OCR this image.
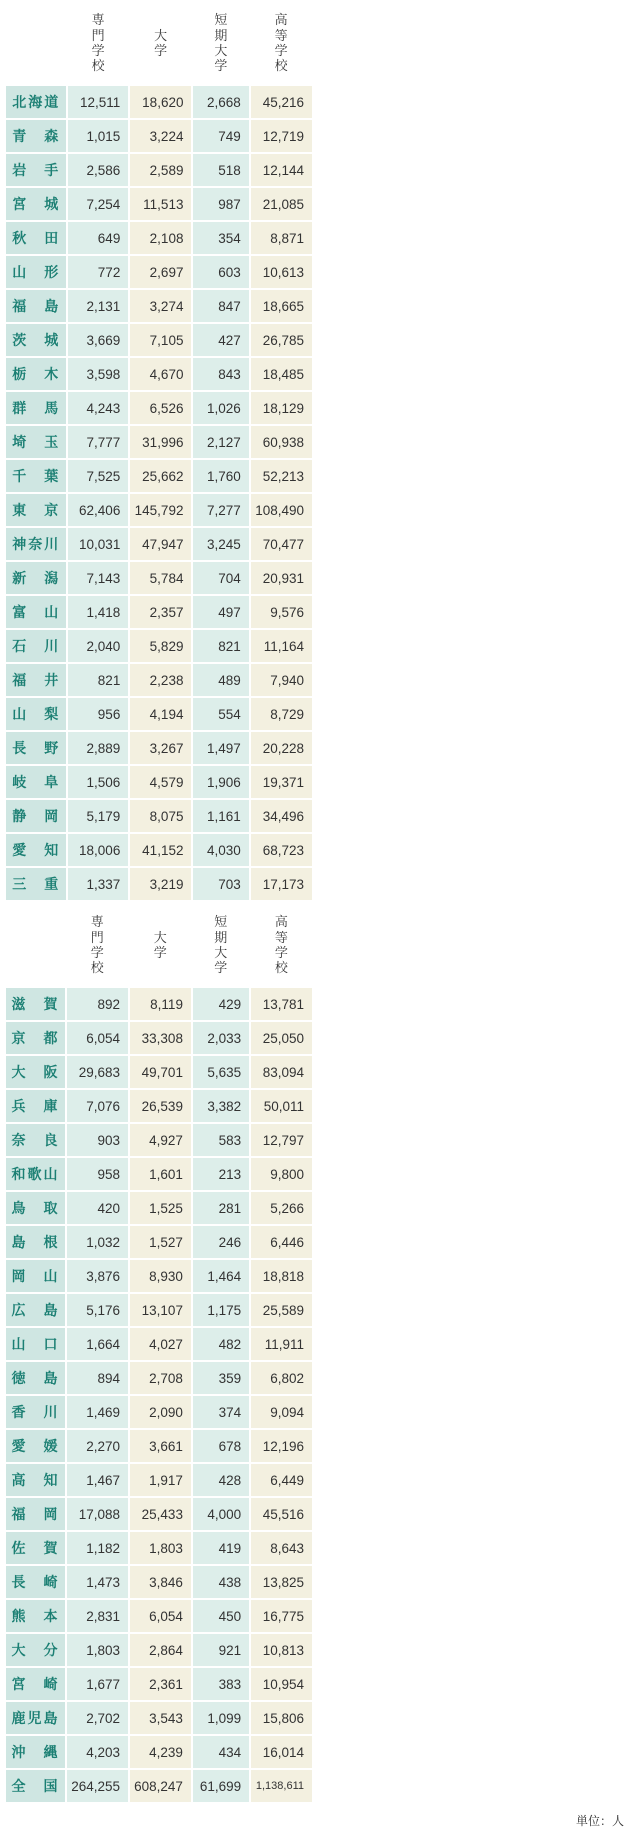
	専門学校	大学	短期大学	高等学校
北海道	12,511	18,620	2,668	45,216
青　森	1,015	3,224	749	12,719
岩　手	2,586	2,589	518	12,144
宮　城	7,254	11,513	987	21,085
秋　田	649	2,108	354	8,871
山　形	772	2,697	603	10,613
福　島	2,131	3,274	847	18,665
茨　城	3,669	7,105	427	26,785
栃　木	3,598	4,670	843	18,485
群　馬	4,243	6,526	1,026	18,129
埼　玉	7,777	31,996	2,127	60,938
千　葉	7,525	25,662	1,760	52,213
東　京	62,406	145,792	7,277	108,490
神奈川	10,031	47,947	3,245	70,477
新　潟	7,143	5,784	704	20,931
富　山	1,418	2,357	497	9,576
石　川	2,040	5,829	821	11,164
福　井	821	2,238	489	7,940
山　梨	956	4,194	554	8,729
長　野	2,889	3,267	1,497	20,228
岐　阜	1,506	4,579	1,906	19,371
静　岡	5,179	8,075	1,161	34,496
愛　知	18,006	41,152	4,030	68,723
三　重	1,337	3,219	703	17,173

	専門学校	大学	短期大学	高等学校
滋　賀	892	8,119	429	13,781
京　都	6,054	33,308	2,033	25,050
大　阪	29,683	49,701	5,635	83,094
兵　庫	7,076	26,539	3,382	50,011
奈　良	903	4,927	583	12,797
和歌山	958	1,601	213	9,800
鳥　取	420	1,525	281	5,266
島　根	1,032	1,527	246	6,446
岡　山	3,876	8,930	1,464	18,818
広　島	5,176	13,107	1,175	25,589
山　口	1,664	4,027	482	11,911
徳　島	894	2,708	359	6,802
香　川	1,469	2,090	374	9,094
愛　媛	2,270	3,661	678	12,196
高　知	1,467	1,917	428	6,449
福　岡	17,088	25,433	4,000	45,516
佐　賀	1,182	1,803	419	8,643
長　崎	1,473	3,846	438	13,825
熊　本	2,831	6,054	450	16,775
大　分	1,803	2,864	921	10,813
宮　崎	1,677	2,361	383	10,954
鹿児島	2,702	3,543	1,099	15,806
沖　縄	4,203	4,239	434	16,014
全　国	264,255	608,247	61,699	1,138,611
単位：人
